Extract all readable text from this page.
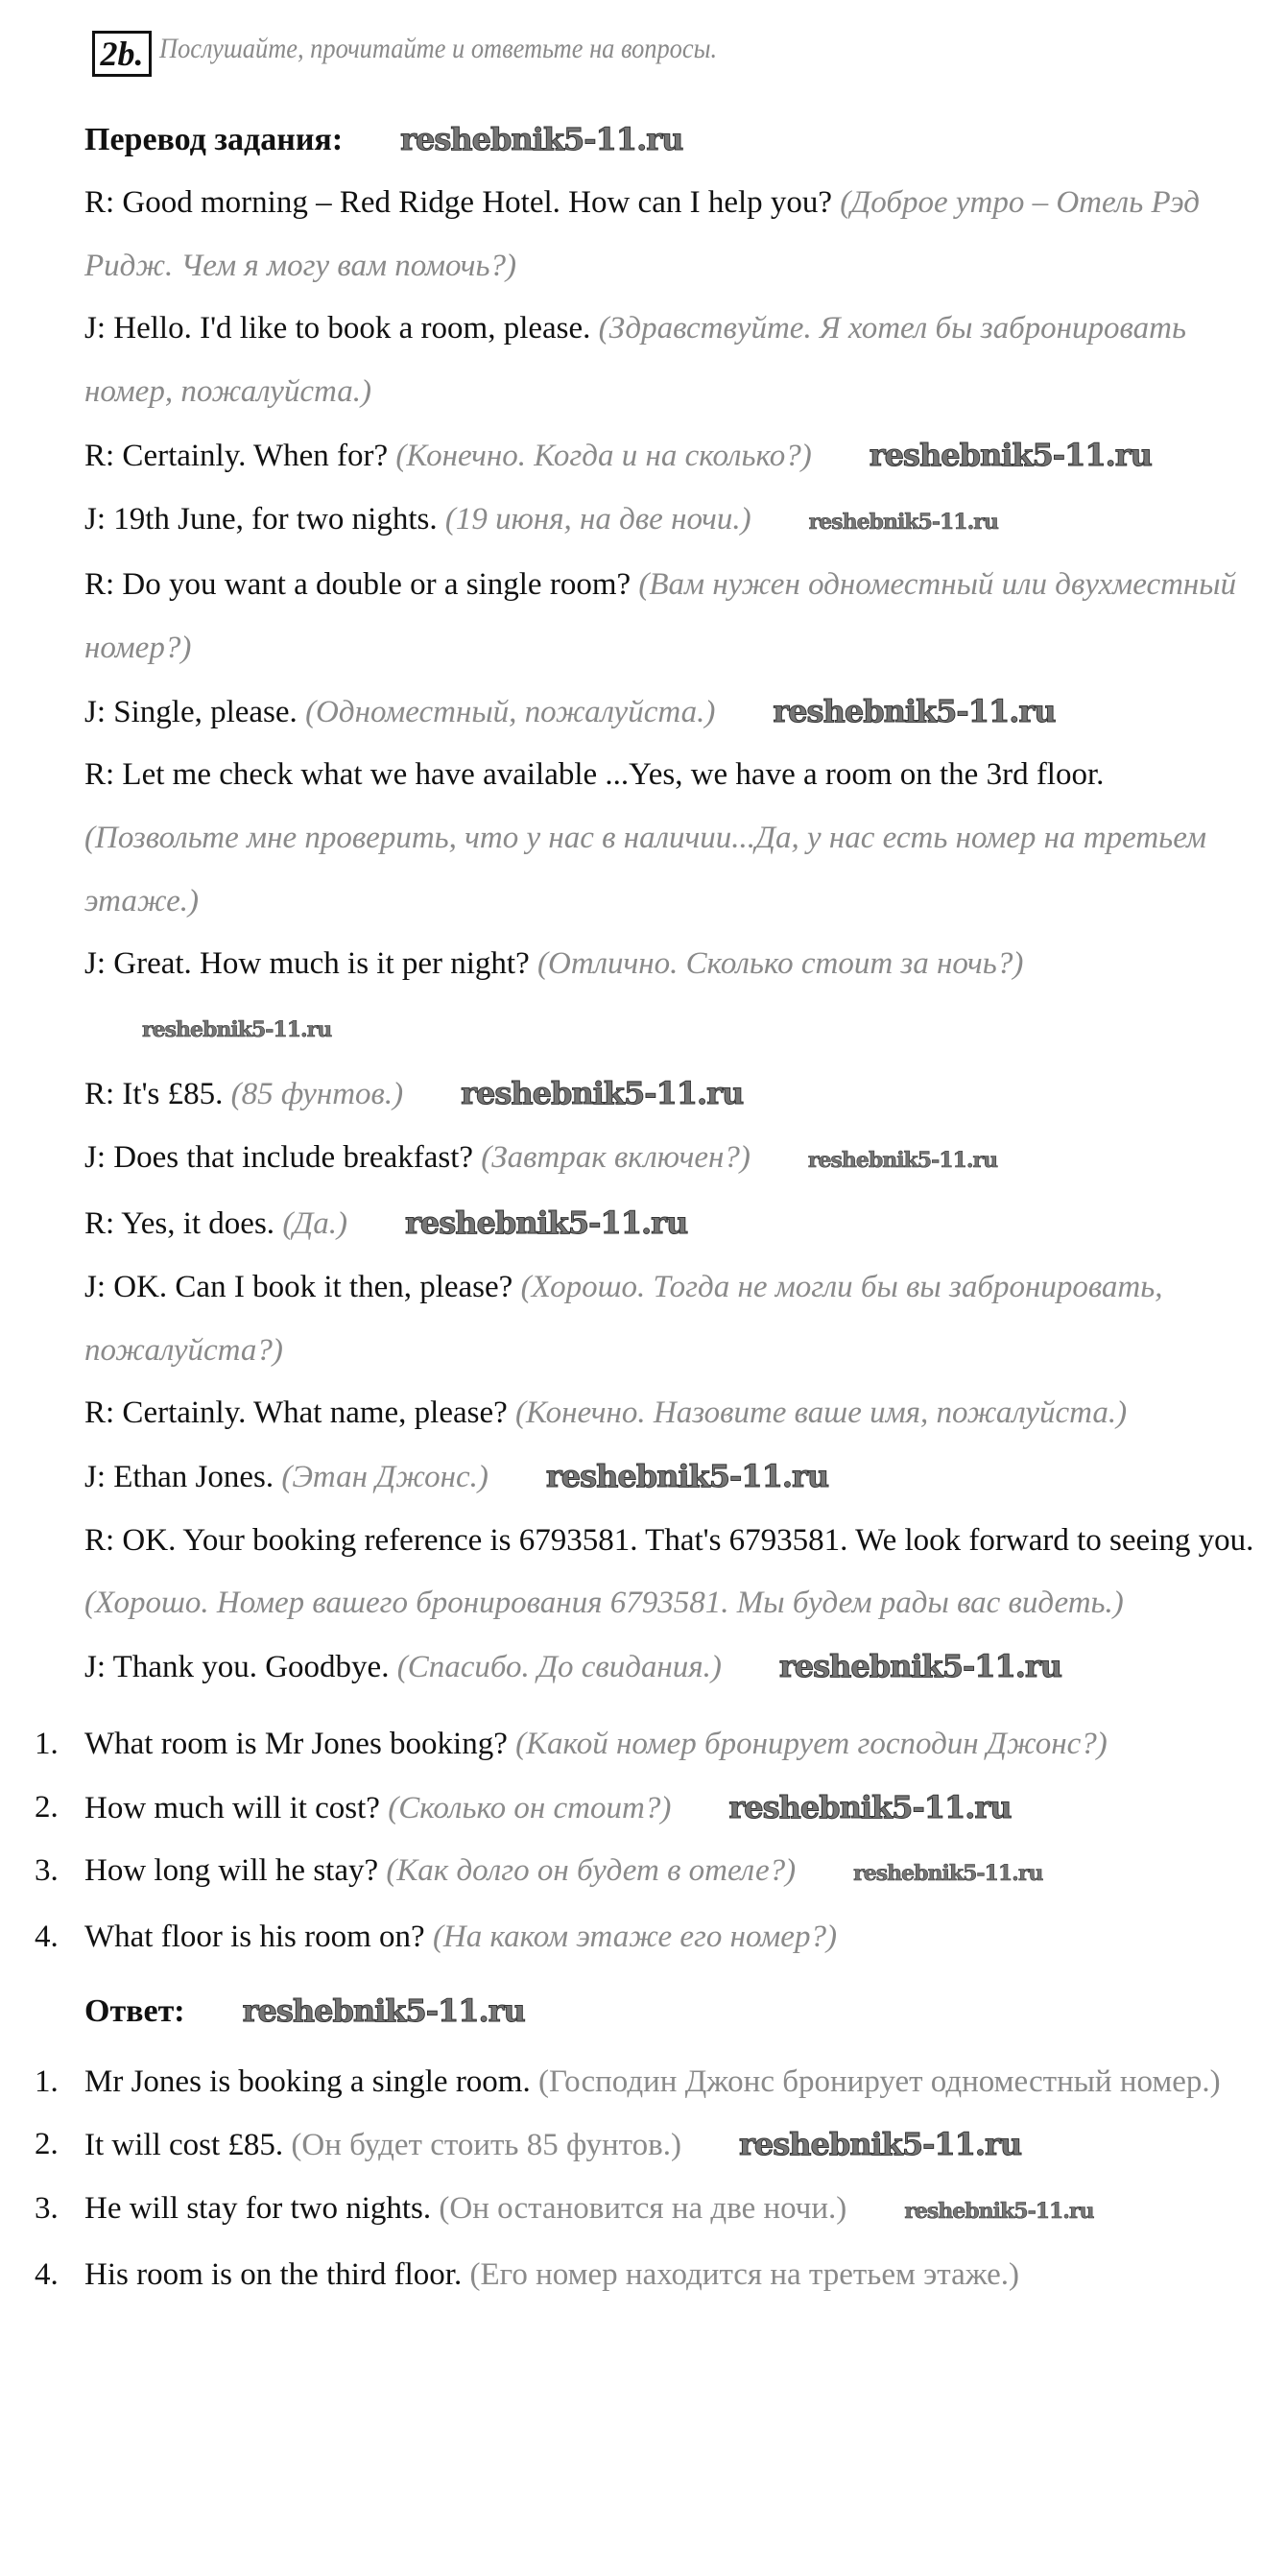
2b. Послушайте, прочитайте и ответьте на вопросы.
Перевод задания: reshebnik5-11.ru
R: Good morning – Red Ridge Hotel. How can I help you? (Доброе утро – Отель Рэд Ридж. Чем я могу вам помочь?)
J: Hello. I'd like to book a room, please. (Здравствуйте. Я хотел бы забронировать номер, пожалуйста.)
R: Certainly. When for? (Конечно. Когда и на сколько?) reshebnik5-11.ru
J: 19th June, for two nights. (19 июня, на две ночи.)	reshebnik5-11.ru
R: Do you want a double or a single room? (Вам нужен одноместный или двухместный номер?)
J: Single, please. (Одноместный, пожалуйста.) reshebnik5-11.ru
R: Let me check what we have available ...Yes, we have a room on the 3rd floor. (Позвольте мне проверить, что у нас в наличии...Да, у нас есть номер на третьем этаже.)
J: Great. How much is it per night? (Отлично. Сколько стоит за ночь?)reshebnik5-11.ru
R: It's £85. (85 фунтов.) reshebnik5-11.ru
J: Does that include breakfast? (Завтрак включен?)	reshebnik5-11.ru
R: Yes, it does. (Да.) reshebnik5-11.ru
J: OK. Can I book it then, please? (Хорошо. Тогда не могли бы вы забронировать, пожалуйста?)
R: Certainly. What name, please? (Конечно. Назовите ваше имя, пожалуйста.)
J: Ethan Jones. (Этан Джонс.) reshebnik5-11.ru
R: OK. Your booking reference is 6793581. That's 6793581. We look forward to seeing you. (Хорошо. Номер вашего бронирования 6793581. Мы будем рады вас видеть.)
J: Thank you. Goodbye. (Спасибо. До свидания.) reshebnik5-11.ru
1. What room is Mr Jones booking? (Какой номер бронирует господин Джонс?)
2. How much will it cost? (Сколько он стоит?) reshebnik5-11.ru
3. How long will he stay? (Как долго он будет в отеле?)	reshebnik5-11.ru
4. What floor is his room on? (На каком этаже его номер?)
Ответ: reshebnik5-11.ru
1. Mr Jones is booking a single room. (Господин Джонс бронирует одноместный номер.)
2. It will cost £85. (Он будет стоить 85 фунтов.) reshebnik5-11.ru
3. He will stay for two nights. (Он остановится на две ночи.)	reshebnik5-11.ru
4. His room is on the third floor. (Его номер находится на третьем этаже.)
